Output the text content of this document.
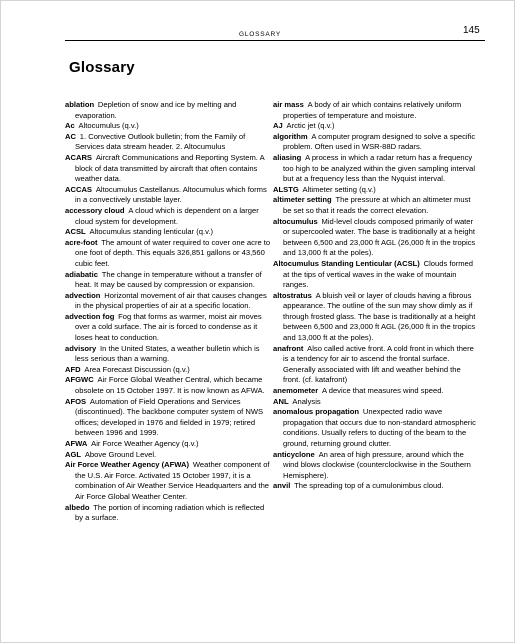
GLOSSARY	145
Glossary

ablation  Depletion of snow and ice by melting and evaporation.

Ac  Altocumulus (q.v.)

AC  1. Convective Outlook bulletin; from the Family of Services data stream header. 2. Altocumulus

ACARS  Aircraft Communications and Reporting System. A block of data transmitted by aircraft that often contains weather data.

ACCAS  Altocumulus Castellanus. Altocumulus which forms in a convectively unstable layer.

accessory cloud  A cloud which is dependent on a larger cloud system for development.

ACSL  Altocumulus standing lenticular (q.v.)

acre-foot  The amount of water required to cover one acre to one foot of depth. This equals 326,851 gallons or 43,560 cubic feet.

adiabatic  The change in temperature without a transfer of heat. It may be caused by compression or expansion.

advection  Horizontal movement of air that causes changes in the physical properties of air at a specific location.

advection fog  Fog that forms as warmer, moist air moves over a cold surface. The air is forced to condense as it loses heat to conduction.

advisory  In the United States, a weather bulletin which is less serious than a warning.

AFD  Area Forecast Discussion (q.v.)

AFGWC  Air Force Global Weather Central, which became obsolete on 15 October 1997. It is now known as AFWA.

AFOS  Automation of Field Operations and Services (discontinued). The backbone computer system of NWS offices; developed in 1976 and fielded in 1979; retired between 1996 and 1999.

AFWA  Air Force Weather Agency (q.v.)

AGL  Above Ground Level.

Air Force Weather Agency (AFWA)  Weather component of the U.S. Air Force. Activated 15 October 1997, it is a combination of Air Weather Service Headquarters and the Air Force Global Weather Center.

albedo  The portion of incoming radiation which is reflected by a surface.

air mass  A body of air which contains relatively uniform properties of temperature and moisture.

AJ  Arctic jet (q.v.)

algorithm  A computer program designed to solve a specific problem. Often used in WSR-88D radars.

aliasing  A process in which a radar return has a frequency too high to be analyzed within the given sampling interval but at a frequency less than the Nyquist interval.

ALSTG  Altimeter setting (q.v.)

altimeter setting  The pressure at which an altimeter must be set so that it reads the correct elevation.

altocumulus  Mid-level clouds composed primarily of water or supercooled water. The base is traditionally at a height between 6,500 and 23,000 ft AGL (26,000 ft in the tropics and 13,000 ft at the poles).

Altocumulus Standing Lenticular (ACSL)  Clouds formed at the tips of vertical waves in the wake of mountain ranges.

altostratus  A bluish veil or layer of clouds having a fibrous appearance. The outline of the sun may show dimly as if through frosted glass. The base is traditionally at a height between 6,500 and 23,000 ft AGL (26,000 ft in the tropics and 13,000 ft at the poles).

anafront  Also called active front. A cold front in which there is a tendency for air to ascend the frontal surface. Generally associated with lift and weather behind the front. (cf. katafront)

anemometer  A device that measures wind speed.

ANL  Analysis

anomalous propagation  Unexpected radio wave propagation that occurs due to non-standard atmospheric conditions. Usually refers to ducting of the beam to the ground, returning ground clutter.

anticyclone  An area of high pressure, around which the wind blows clockwise (counterclockwise in the Southern Hemisphere).

anvil  The spreading top of a cumulonimbus cloud.
